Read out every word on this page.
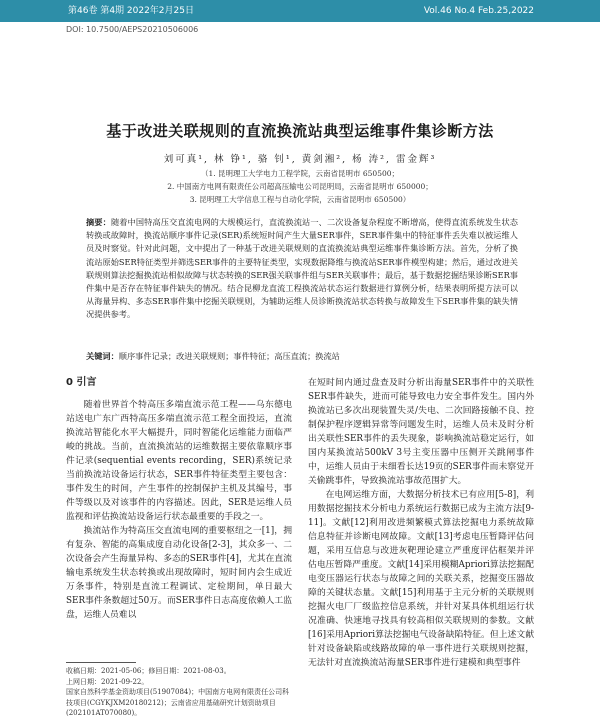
第46卷 第4期 2022年2月25日	Vol.46 No.4 Feb.25,2022
DOI: 10.7500/AEPS20210506006
基于改进关联规则的直流换流站典型运维事件集诊断方法
刘可真¹, 林 铮¹, 骆 钊¹, 黄剑湘², 杨 涛², 雷金辉³
（1. 昆明理工大学电力工程学院，云南省昆明市 650500；
2. 中国南方电网有限责任公司超高压输电公司昆明局，云南省昆明市 650000；
3. 昆明理工大学信息工程与自动化学院，云南省昆明市 650500）
摘要：随着中国特高压交直流电网的大规模运行，直流换流站一、二次设备复杂程度不断增高，使得直流系统发生状态转换或故障时，换流站顺序事件记录(SER)系统短时间产生大量SER事件，SER事件集中的特征事件丢失难以被运维人员及时察觉。针对此问题，文中提出了一种基于改进关联规则的直流换流站典型运维事件集诊断方法。首先，分析了换流站原始SER特征类型并筛选SER事件的主要特征类型，实现数据降维与换流站SER事件模型构建；然后，通过改进关联规则算法挖掘换流站相似故障与状态转换的SER强关联事件组与SER关联事件；最后，基于数据挖掘结果诊断SER事件集中是否存在特征事件缺失的情况。结合昆柳龙直流工程换流站状态运行数据进行算例分析，结果表明所提方法可以从海量异构、多态SER事件集中挖掘关联规则，为辅助运维人员诊断换流站状态转换与故障发生下SER事件集的缺失情况提供参考。
关键词：顺序事件记录；改进关联规则；事件特征；高压直流；换流站
0 引言

随着世界首个特高压多端直流示范工程——乌东德电站送电广东广西特高压多端直流示范工程全面投运，直流换流站智能化水平大幅提升，同时智能化运维能力面临严峻的挑战。当前，直流换流站的运维数据主要依靠顺序事件记录(sequential events recording，SER)系统记录当前换流站设备运行状态，SER事件特征类型主要包含：事件发生的时间，产生事件的控制保护主机及其编号，事件等级以及对该事件的内容描述。因此，SER是运维人员监视和评估换流站设备运行状态最重要的手段之一。

换流站作为特高压交直流电网的重要枢纽之一[1]，拥有复杂、智能的高集成度自动化设备[2-3]，其众多一、二次设备会产生海量异构、多态的SER事件[4]，尤其在直流输电系统发生状态转换或出现故障时，短时间内会生成近万条事件，特别是直流工程调试、定检期间，单日最大SER事件条数超过50万。而SER事件日志高度依赖人工监盘，运维人员难以

在短时间内通过盘查及时分析出海量SER事件中的关联性SER事件缺失，进而可能导致电力安全事件发生。国内外换流站已多次出现装置失灵/失电、二次回路接触不良、控制保护程序逻辑异常等问题发生时，运维人员未及时分析出关联性SER事件的丢失现象，影响换流站稳定运行，如国内某换流站500kV 3号主变压器中压侧开关跳闸事件中，运维人员由于未细看长达19页的SER事件而未察觉开关偷跳事件，导致换流站事故范围扩大。

在电网运维方面，大数据分析技术已有应用[5-8]，利用数据挖掘技术分析电力系统运行数据已成为主流方法[9-11]。文献[12]利用改进频繁模式算法挖掘电力系统故障信息特征并诊断电网故障。文献[13]考虑电压暂降评估问题，采用互信息与改进灰靶理论建立严重度评估框架并评估电压暂降严重度。文献[14]采用模糊Apriori算法挖掘配电变压器运行状态与故障之间的关联关系，挖掘变压器故障的关键状态量。文献[15]利用基于主元分析的关联规则挖掘火电厂厂级监控信息系统，并针对某具体机组运行状况准确、快速地寻找具有较高相似关联规则的参数。文献[16]采用Apriori算法挖掘电气设备缺陷特征。但上述文献针对设备缺陷或线路故障的单一事件进行关联规则挖掘，无法针对直流换流站海量SER事件进行建模和典型事件

收稿日期：2021-05-06；修回日期：2021-08-03。
上网日期：2021-09-22。
国家自然科学基金资助项目(51907084)；中国南方电网有限责任公司科技项目(CGYKJXM20180212)；云南省应用基础研究计划资助项目(202101AT070080)。
